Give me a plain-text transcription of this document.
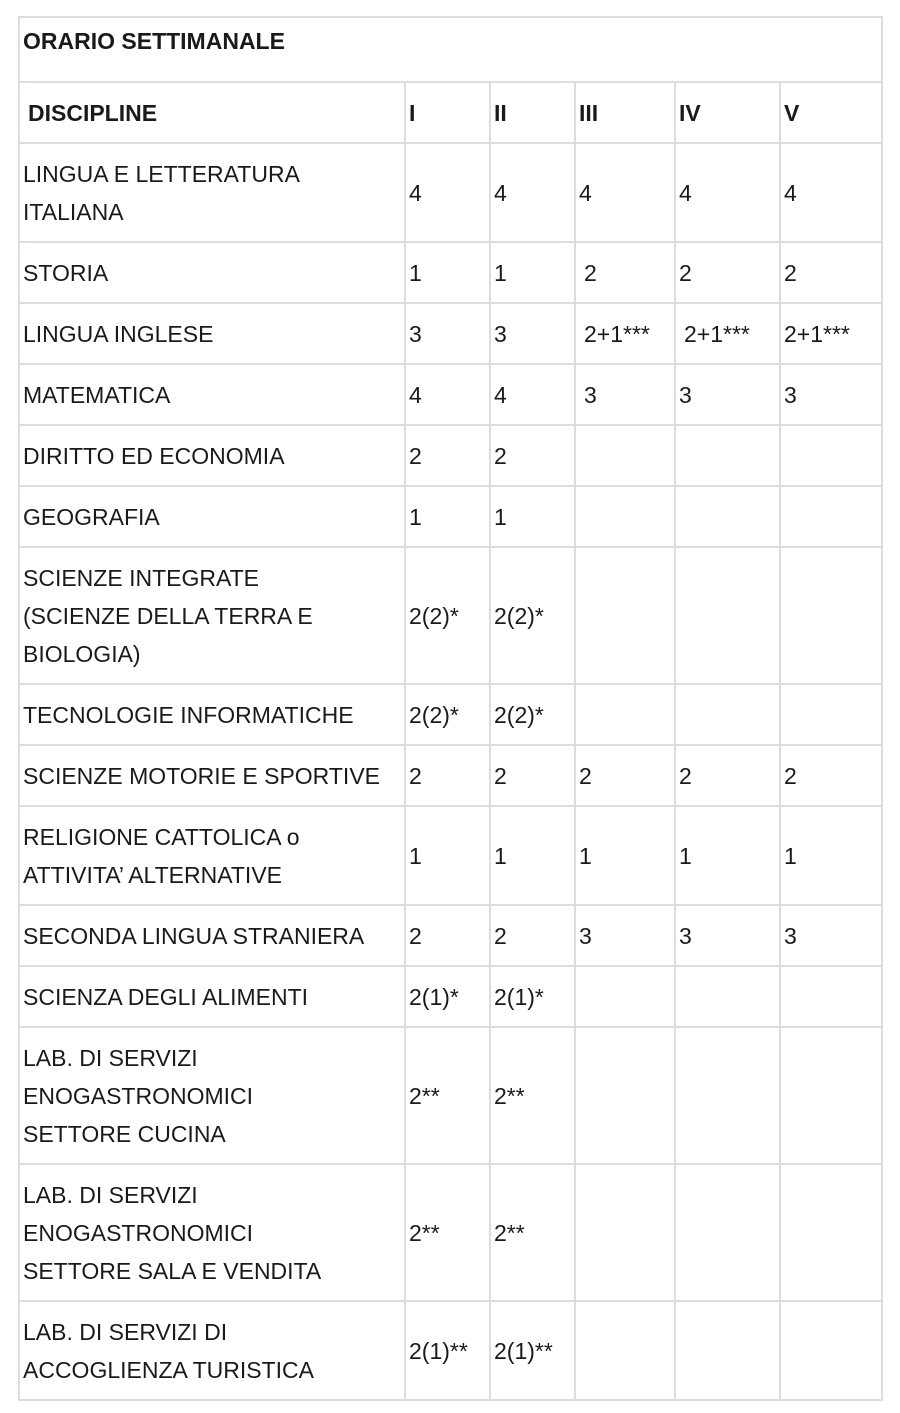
ORARIO SETTIMANALE					
DISCIPLINE	I	II	III	IV	V

LINGUA E LETTERATURA
ITALIANA	4	4	4	4	4

STORIA	1	1	2	2	2

LINGUA INGLESE	3	3	2+1***	2+1***	2+1***

MATEMATICA	4	4	3	3	3

DIRITTO ED ECONOMIA	2	2			

GEOGRAFIA	1	1			

SCIENZE INTEGRATE
(SCIENZE DELLA TERRA E
BIOLOGIA)	2(2)*	2(2)*			

TECNOLOGIE INFORMATICHE	2(2)*	2(2)*			

SCIENZE MOTORIE E SPORTIVE	2	2	2	2	2

RELIGIONE CATTOLICA o
ATTIVITA’ ALTERNATIVE	1	1	1	1	1

SECONDA LINGUA STRANIERA	2	2	3	3	3

SCIENZA DEGLI ALIMENTI	2(1)*	2(1)*			

LAB. DI SERVIZI
ENOGASTRONOMICI
SETTORE CUCINA	2**	2**			

LAB. DI SERVIZI
ENOGASTRONOMICI
SETTORE SALA E VENDITA	2**	2**			

LAB. DI SERVIZI DI
ACCOGLIENZA TURISTICA	2(1)**	2(1)**			
